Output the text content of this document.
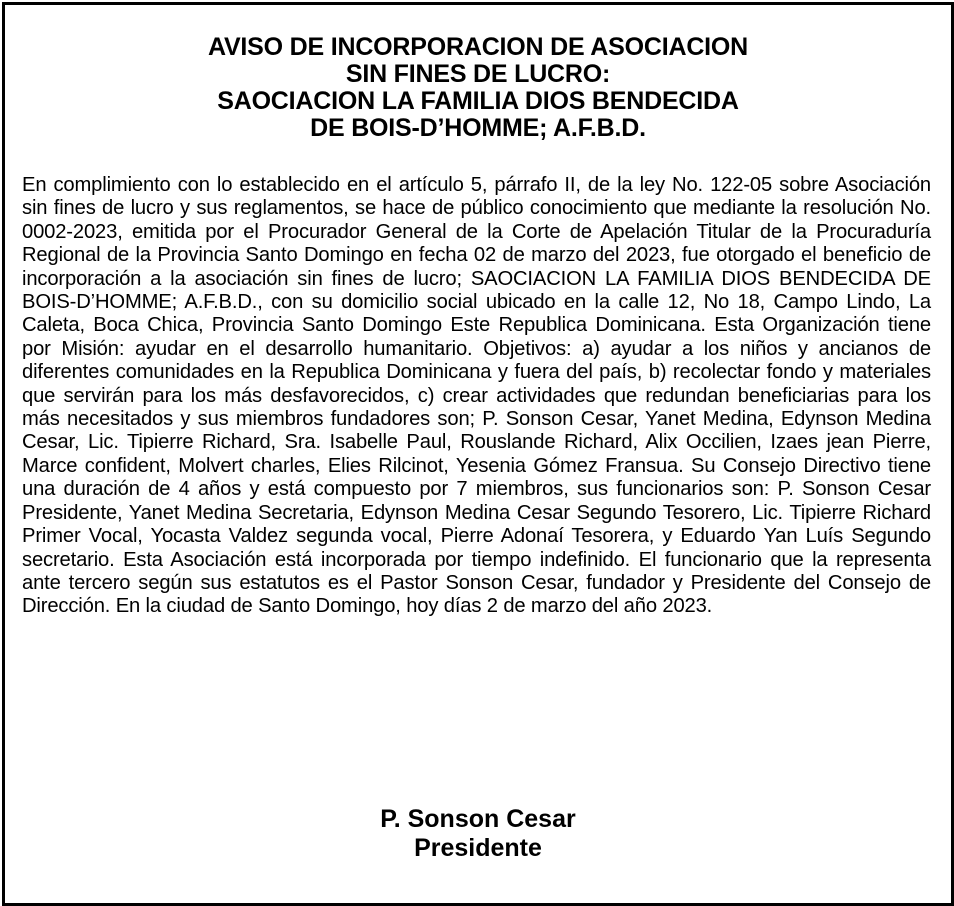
AVISO DE INCORPORACION DE ASOCIACION
SIN FINES DE LUCRO:
SAOCIACION LA FAMILIA DIOS BENDECIDA
DE BOIS-D’HOMME; A.F.B.D.

En complimiento con lo establecido en el artículo 5, párrafo II, de la ley No. 122-05 sobre Asociación sin fines de lucro y sus reglamentos, se hace de público conocimiento que mediante la resolución No. 0002-2023, emitida por el Procurador General de la Corte de Apelación Titular de la Procuraduría Regional de la Provincia Santo Domingo en fecha 02 de marzo del 2023, fue otorgado el beneficio de incorporación a la asociación sin fines de lucro; SAOCIACION LA FAMILIA DIOS BENDECIDA DE BOIS-D’HOMME; A.F.B.D., con su domicilio social ubicado en la calle 12, No 18, Campo Lindo, La Caleta, Boca Chica, Provincia Santo Domingo Este Republica Dominicana. Esta Organización tiene por Misión: ayudar en el desarrollo humanitario. Objetivos: a) ayudar a los niños y ancianos de diferentes comunidades en la Republica Dominicana y fuera del país, b) recolectar fondo y materiales que servirán para los más desfavorecidos, c) crear actividades que redundan beneficiarias para los más necesitados y sus miembros fundadores son; P. Sonson Cesar, Yanet Medina, Edynson Medina Cesar, Lic. Tipierre Richard, Sra. Isabelle Paul, Rouslande Richard, Alix Occilien, Izaes jean Pierre, Marce confident, Molvert charles, Elies Rilcinot, Yesenia Gómez Fransua. Su Consejo Directivo tiene una duración de 4 años y está compuesto por 7 miembros, sus funcionarios son: P. Sonson Cesar Presidente, Yanet Medina Secretaria, Edynson Medina Cesar Segundo Tesorero, Lic. Tipierre Richard Primer Vocal, Yocasta Valdez segunda vocal, Pierre Adonaí Tesorera, y Eduardo Yan Luís Segundo secretario. Esta Asociación está incorporada por tiempo indefinido. El funcionario que la representa ante tercero según sus estatutos es el Pastor Sonson Cesar, fundador y Presidente del Consejo de Dirección. En la ciudad de Santo Domingo, hoy días 2 de marzo del año 2023.

P. Sonson Cesar
Presidente
